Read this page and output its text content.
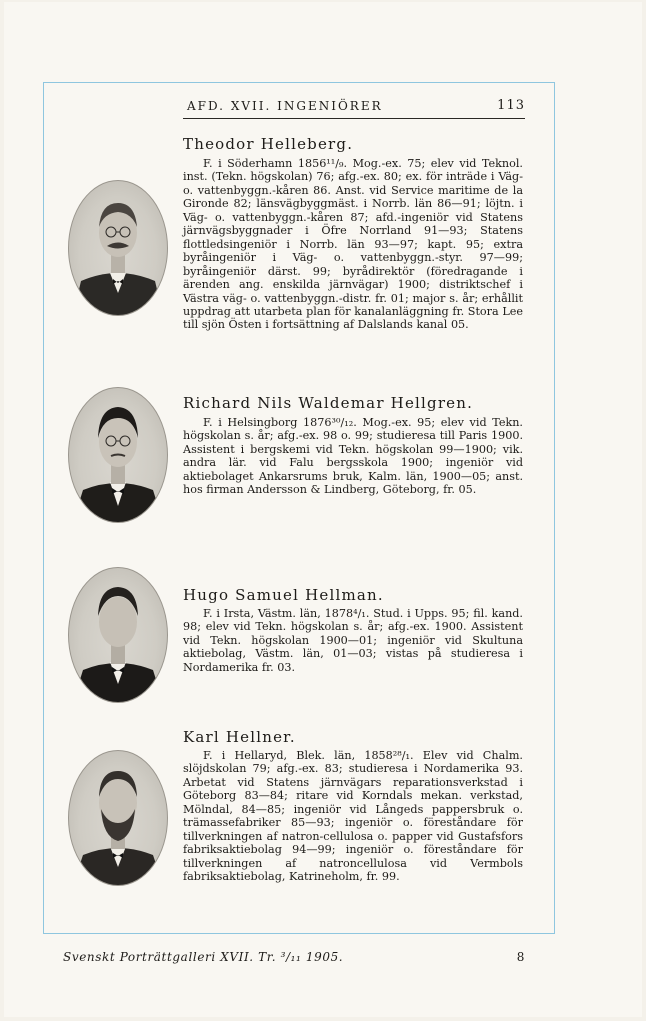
AFD. XVII. INGENIÖRER	113
Theodor Helleberg.

F. i Söderhamn 1856¹¹/₉. Mog.-ex. 75; elev vid Teknol. inst. (Tekn. högskolan) 76; afg.-ex. 80; ex. för inträde i Väg- o. vattenbyggn.-kåren 86. Anst. vid Service maritime de la Gironde 82; länsvägbyggmäst. i Norrb. län 86—91; löjtn. i Väg- o. vattenbyggn.-kåren 87; afd.-ingeniör vid Statens järnvägsbyggnader i Öfre Norrland 91—93; Statens flottledsingeniör i Norrb. län 93—97; kapt. 95; extra byråingeniör i Väg- o. vattenbyggn.-styr. 97—99; byråingeniör därst. 99; byrådirektör (föredragande i ärenden ang. enskilda järnvägar) 1900; distriktschef i Västra väg- o. vattenbyggn.-distr. fr. 01; major s. år; erhållit uppdrag att utarbeta plan för kanalanläggning fr. Stora Lee till sjön Östen i fortsättning af Dalslands kanal 05.

Richard Nils Waldemar Hellgren.

F. i Helsingborg 1876³⁰/₁₂. Mog.-ex. 95; elev vid Tekn. högskolan s. år; afg.-ex. 98 o. 99; studieresa till Paris 1900. Assistent i bergskemi vid Tekn. högskolan 99—1900; vik. andra lär. vid Falu bergsskola 1900; ingeniör vid aktiebolaget Ankarsrums bruk, Kalm. län, 1900—05; anst. hos firman Andersson & Lindberg, Göteborg, fr. 05.

Hugo Samuel Hellman.

F. i Irsta, Västm. län, 1878⁴/₁. Stud. i Upps. 95; fil. kand. 98; elev vid Tekn. högskolan s. år; afg.-ex. 1900. Assistent vid Tekn. högskolan 1900—01; ingeniör vid Skultuna aktiebolag, Västm. län, 01—03; vistas på studieresa i Nordamerika fr. 03.

Karl Hellner.

F. i Hellaryd, Blek. län, 1858²⁸/₁. Elev vid Chalm. slöjdskolan 79; afg.-ex. 83; studieresa i Nordamerika 93. Arbetat vid Statens järnvägars reparationsverkstad i Göteborg 83—84; ritare vid Korndals mekan. verkstad, Mölndal, 84—85; ingeniör vid Långeds pappersbruk o. trämassefabriker 85—93; ingeniör o. föreståndare för tillverkningen af natron-cellulosa o. papper vid Gustafsfors fabriksaktiebolag 94—99; ingeniör o. föreståndare för tillverkningen af natroncellulosa vid Vermbols fabriksaktiebolag, Katrineholm, fr. 99.

Svenskt Porträttgalleri XVII. Tr. ³/₁₁ 1905.	8
